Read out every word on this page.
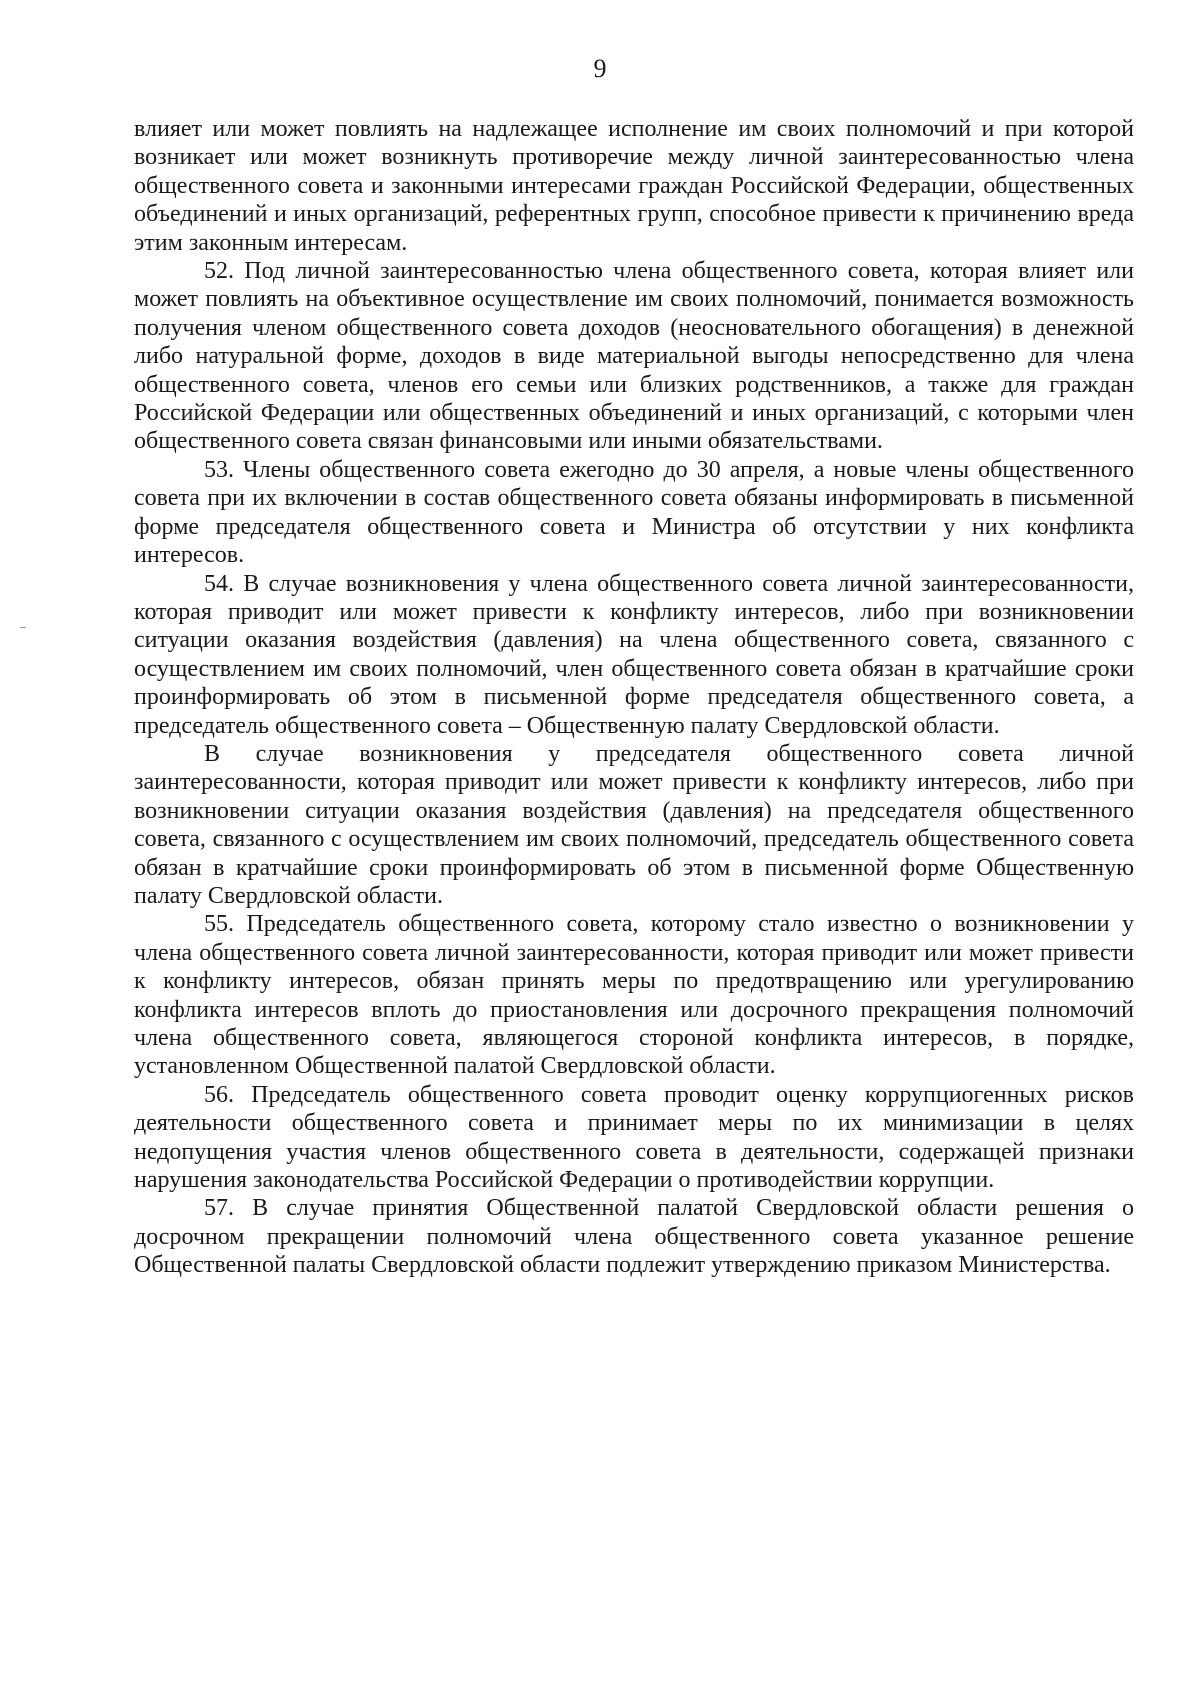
9

влияет или может повлиять на надлежащее исполнение им своих полномочий и при которой возникает или может возникнуть противоречие между личной заинтересованностью члена общественного совета и законными интересами граждан Российской Федерации, общественных объединений и иных организаций, референтных групп, способное привести к причинению вреда этим законным интересам.

52. Под личной заинтересованностью члена общественного совета, которая влияет или может повлиять на объективное осуществление им своих полномочий, понимается возможность получения членом общественного совета доходов (неосновательного обогащения) в денежной либо натуральной форме, доходов в виде материальной выгоды непосредственно для члена общественного совета, членов его семьи или близких родственников, а также для граждан Российской Федерации или общественных объединений и иных организаций, с которыми член общественного совета связан финансовыми или иными обязательствами.

53. Члены общественного совета ежегодно до 30 апреля, а новые члены общественного совета при их включении в состав общественного совета обязаны информировать в письменной форме председателя общественного совета и Министра об отсутствии у них конфликта интересов.

54. В случае возникновения у члена общественного совета личной заинтересованности, которая приводит или может привести к конфликту интересов, либо при возникновении ситуации оказания воздействия (давления) на члена общественного совета, связанного с осуществлением им своих полномочий, член общественного совета обязан в кратчайшие сроки проинформировать об этом в письменной форме председателя общественного совета, а председатель общественного совета – Общественную палату Свердловской области.

В случае возникновения у председателя общественного совета личной заинтересованности, которая приводит или может привести к конфликту интересов, либо при возникновении ситуации оказания воздействия (давления) на председателя общественного совета, связанного с осуществлением им своих полномочий, председатель общественного совета обязан в кратчайшие сроки проинформировать об этом в письменной форме Общественную палату Свердловской области.

55. Председатель общественного совета, которому стало известно о возникновении у члена общественного совета личной заинтересованности, которая приводит или может привести к конфликту интересов, обязан принять меры по предотвращению или урегулированию конфликта интересов вплоть до приостановления или досрочного прекращения полномочий члена общественного совета, являющегося стороной конфликта интересов, в порядке, установленном Общественной палатой Свердловской области.

56. Председатель общественного совета проводит оценку коррупциогенных рисков деятельности общественного совета и принимает меры по их минимизации в целях недопущения участия членов общественного совета в деятельности, содержащей признаки нарушения законодательства Российской Федерации о противодействии коррупции.

57. В случае принятия Общественной палатой Свердловской области решения о досрочном прекращении полномочий члена общественного совета указанное решение Общественной палаты Свердловской области подлежит утверждению приказом Министерства.
